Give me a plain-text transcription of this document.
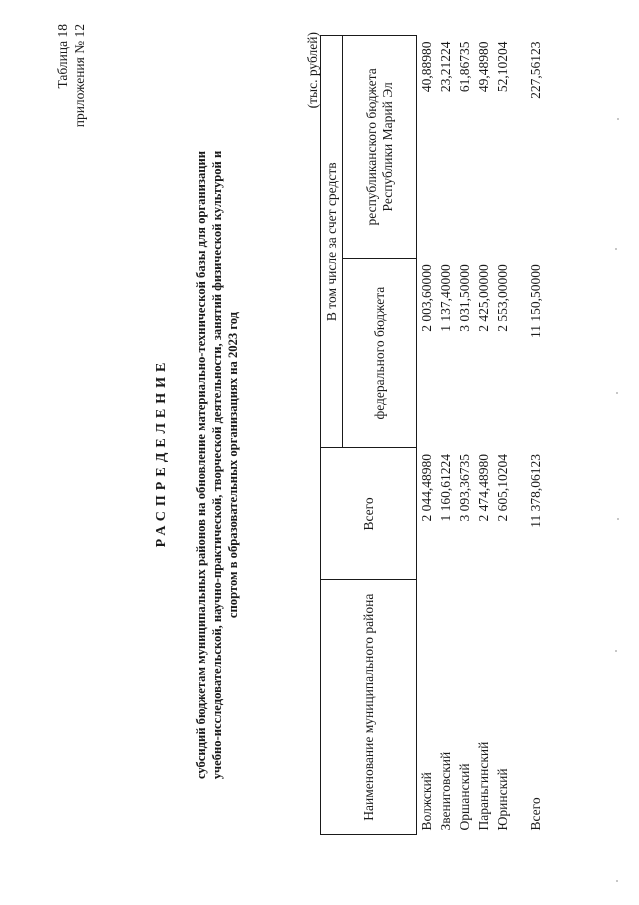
Таблица 18 приложения № 12
РАСПРЕДЕЛЕНИЕ субсидий бюджетам муниципальных районов на обновление материально-технической базы для организации учебно-исследовательской, научно-практической, творческой деятельности, занятий физической культурой и спортом в образовательных организациях на 2023 год
(тыс. рублей)
Наименование муниципального района	Всего	В том числе за счет средств	
		федерального бюджета	республиканского бюджета Республики Марий Эл
Волжский	2 044,48980	2 003,60000	40,88980
Звениговский	1 160,61224	1 137,40000	23,21224
Оршанский	3 093,36735	3 031,50000	61,86735
Параньгинский	2 474,48980	2 425,00000	49,48980
Юринский	2 605,10204	2 553,00000	52,10204
Всего	11 378,06123	11 150,50000	227,56123
